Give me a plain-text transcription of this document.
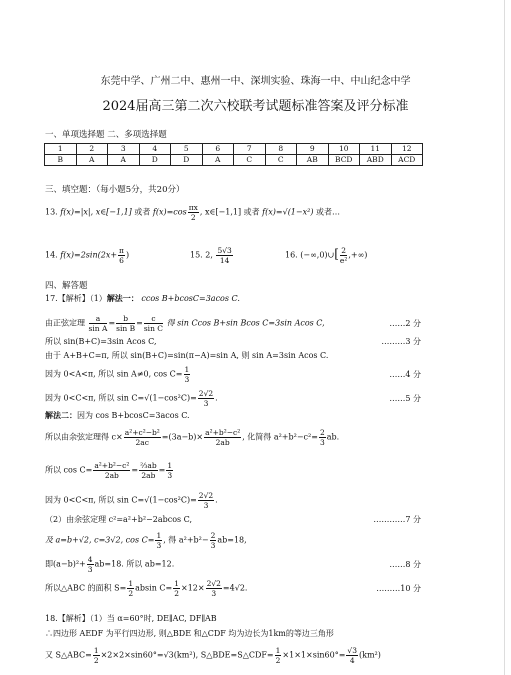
东莞中学、广州二中、惠州一中、深圳实验、珠海一中、中山纪念中学
2024届高三第二次六校联考试题标准答案及评分标准
一、单项选择题 二、多项选择题
1	2	3	4	5	6	7	8	9	10	11	12
B	A	A	D	D	A	C	C	AB	BCD	ABD	ACD
三、填空题：（每小题5分，共20分）
13. f(x)=|x|, x∈[−1,1] 或者 $f(x)=\cos \frac{\pi x}{2}$ , x∈[−1,1] 或者 f(x)=√(1−x²) 或者…
14. $f(x)=2\sin(2x+ \frac{\pi}{6}$ )	15. 2, $\frac{5√3}{14}$	16. (−∞,0)∪[ $\frac{2}{\text{e²}}$ ,+∞)
四、解答题
17.【解析】（1）解法一： ccos B+bcosC=3acos C.
由正弦定理 $\frac{a}{\text{sin A}} = \frac{b}{\text{sin B}} = \frac{c}{\text{sin C}}$ 得 sin Ccos B+sin Bcos C=3sin Acos C,	……2 分
所以 sin(B+C)=3sin Acos C,	………3 分
由于 A+B+C=π, 所以 sin(B+C)=sin(π−A)=sin A, 则 sin A=3sin Acos C.
因为 0<A<π, 所以 sin A≠0, $\cos C= \frac{1}{3}$	……4 分
因为 0<C<π, 所以 $\sin C=√(1-\cos^2C)= \frac{2√2}{3}$ .	……5 分
解法二：因为 cos B+bcosC=3acos C.
所以由余弦定理得 $c\times \frac{\text{a²+c²−b²}}{2ac} =(3a-b)\times \frac{\text{a²+b²−c²}}{2ab}$ , 化简得 $a^2+b^2-c^2= \frac{2}{3}$ ab.
所以 $\cos C= \frac{\text{a²+b²−c²}}{2ab} = \frac{\text{⅔ab}}{2ab} = \frac{1}{3}$
因为 0<C<π, 所以 $\sin C=√(1-\cos^2C)= \frac{2√2}{3}$ .
（2）由余弦定理 c²=a²+b²−2abcos C,	…………7 分
及 a=b+√2, c=3√2, $\cos C= \frac{1}{3}$ , 得 $a^2+b^2- \frac{2}{3} ab=18$,
即$(a-b)^2+ \frac{4}{3} ab=18$. 所以 ab=12.	……8 分
所以△ABC 的面积 $S= \frac{1}{2}$ absin $C= \frac{1}{2} \times 12\times \frac{2√2}{3} =4√2$.	………10 分
18.【解析】（1）当 α=60°时, DE∥AC, DF∥AB
∴四边形 AEDF 为平行四边形, 则△BDE 和△CDF 均为边长为1km的等边三角形
又 S△ABC= $\frac{1}{2} \times 2\times 2\times\sin 60^\circ=√3(km^2)$, S△BDE=S△CDF= $\frac{1}{2} \times 1\times 1\times\sin 60^\circ= \frac{√3}{4} (km^2)$
